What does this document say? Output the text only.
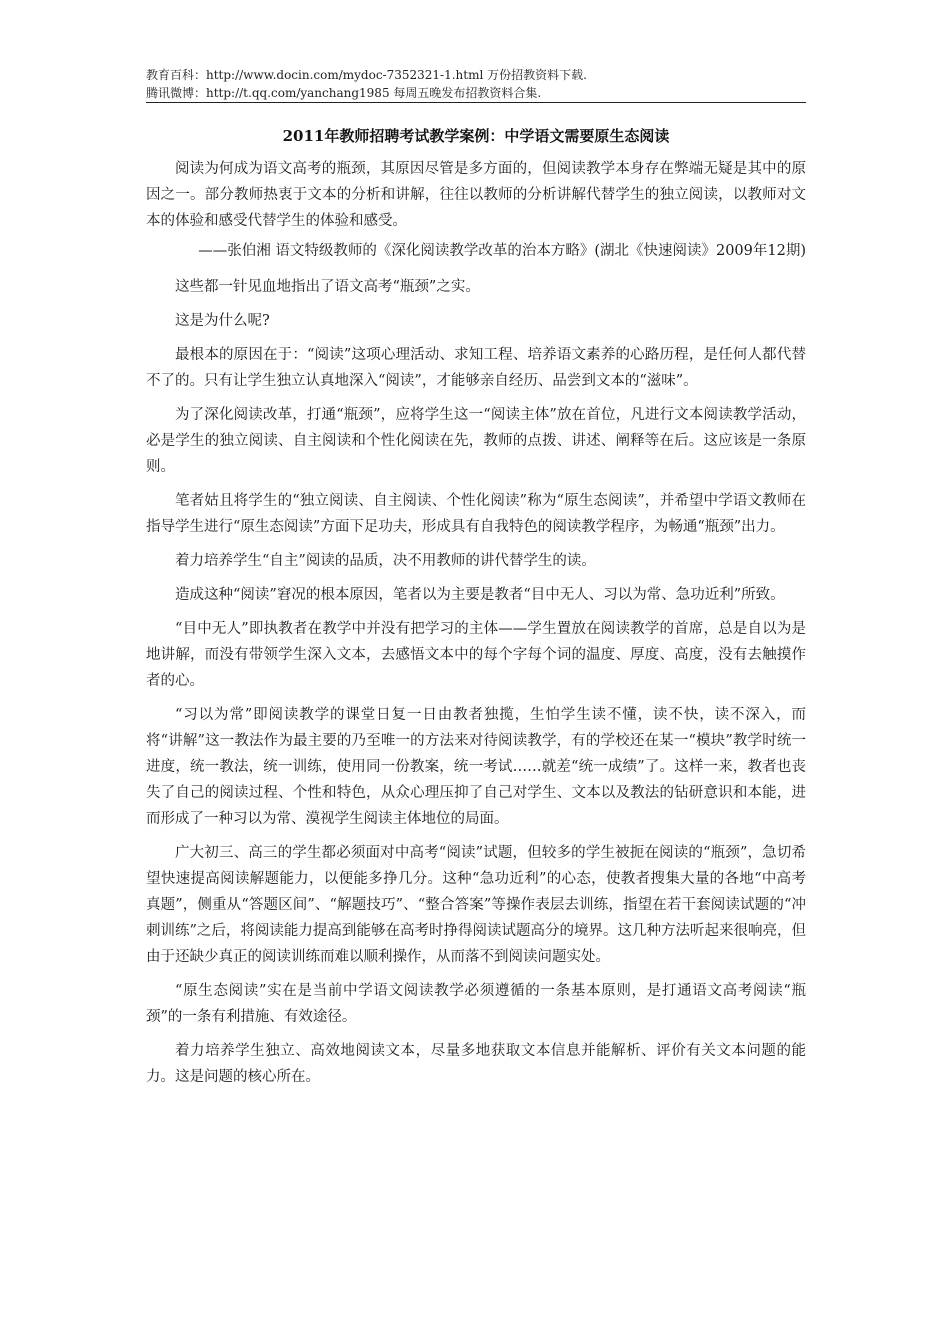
教育百科：http://www.docin.com/mydoc-7352321-1.html 万份招教资料下载.
腾讯微博：http://t.qq.com/yanchang1985 每周五晚发布招教资料合集.
2011年教师招聘考试教学案例：中学语文需要原生态阅读

阅读为何成为语文高考的瓶颈，其原因尽管是多方面的，但阅读教学本身存在弊端无疑是其中的原因之一。部分教师热衷于文本的分析和讲解，往往以教师的分析讲解代替学生的独立阅读，以教师对文本的体验和感受代替学生的体验和感受。

——张伯湘 语文特级教师的《深化阅读教学改革的治本方略》(湖北《快速阅读》2009年12期)

这些都一针见血地指出了语文高考“瓶颈”之实。

这是为什么呢?

最根本的原因在于：“阅读”这项心理活动、求知工程、培养语文素养的心路历程，是任何人都代替不了的。只有让学生独立认真地深入“阅读”，才能够亲自经历、品尝到文本的“滋味”。

为了深化阅读改革，打通“瓶颈”，应将学生这一“阅读主体”放在首位，凡进行文本阅读教学活动，必是学生的独立阅读、自主阅读和个性化阅读在先，教师的点拨、讲述、阐释等在后。这应该是一条原则。

笔者姑且将学生的“独立阅读、自主阅读、个性化阅读”称为“原生态阅读”，并希望中学语文教师在指导学生进行“原生态阅读”方面下足功夫，形成具有自我特色的阅读教学程序，为畅通“瓶颈”出力。

着力培养学生“自主”阅读的品质，决不用教师的讲代替学生的读。

造成这种“阅读”窘况的根本原因，笔者以为主要是教者“目中无人、习以为常、急功近利”所致。

“目中无人”即执教者在教学中并没有把学习的主体——学生置放在阅读教学的首席，总是自以为是地讲解，而没有带领学生深入文本，去感悟文本中的每个字每个词的温度、厚度、高度，没有去触摸作者的心。

“习以为常”即阅读教学的课堂日复一日由教者独揽，生怕学生读不懂，读不快，读不深入，而将“讲解”这一教法作为最主要的乃至唯一的方法来对待阅读教学，有的学校还在某一“模块”教学时统一进度，统一教法，统一训练，使用同一份教案，统一考试……就差“统一成绩”了。这样一来，教者也丧失了自己的阅读过程、个性和特色，从众心理压抑了自己对学生、文本以及教法的钻研意识和本能，进而形成了一种习以为常、漠视学生阅读主体地位的局面。

广大初三、高三的学生都必须面对中高考“阅读”试题，但较多的学生被扼在阅读的“瓶颈”，急切希望快速提高阅读解题能力，以便能多挣几分。这种“急功近利”的心态，使教者搜集大量的各地“中高考真题”，侧重从“答题区间”、“解题技巧”、“整合答案”等操作表层去训练，指望在若干套阅读试题的“冲刺训练”之后，将阅读能力提高到能够在高考时挣得阅读试题高分的境界。这几种方法听起来很响亮，但由于还缺少真正的阅读训练而难以顺利操作，从而落不到阅读问题实处。

“原生态阅读”实在是当前中学语文阅读教学必须遵循的一条基本原则，是打通语文高考阅读“瓶颈”的一条有利措施、有效途径。

着力培养学生独立、高效地阅读文本，尽量多地获取文本信息并能解析、评价有关文本问题的能力。这是问题的核心所在。
